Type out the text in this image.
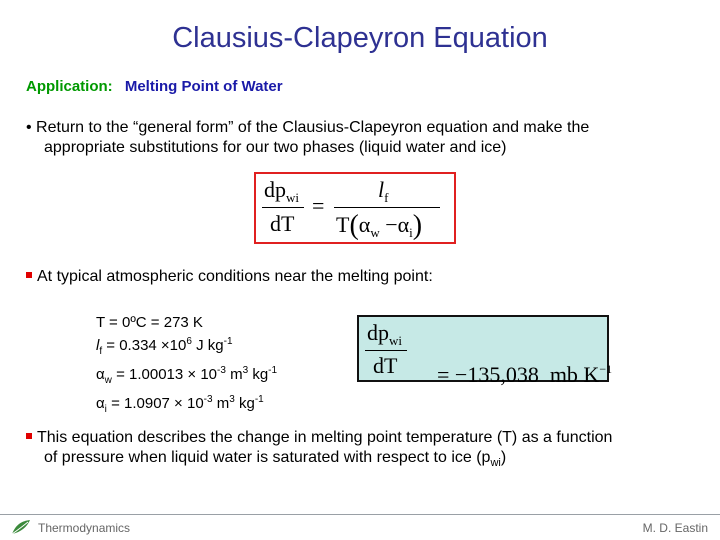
Clausius-Clapeyron Equation
Application: Melting Point of Water
• Return to the “general form” of the Clausius-Clapeyron equation and make the
appropriate substitutions for our two phases (liquid water and ice)
$dp_{wi}$
dT
=
$l_f$
$T(\alpha_w -\alpha_i)$
At typical atmospheric conditions near the melting point:
T = 0ºC = 273 K
$l_f = 0.334 \times 10^6$ J $kg^{-1}$
$\alpha_w = 1.00013 \times 10^{-3}$ $m^3$ $kg^{-1}$
$\alpha_i = 1.0907 \times 10^{-3}$ $m^3$ $kg^{-1}$
$dp_{wi}$
dT	= −135,038  mb $K^{-1}$

This equation describes the change in melting point temperature (T) as a function
of pressure when liquid water is saturated with respect to ice $(p_{wi})$
Thermodynamics	M. D. Eastin
